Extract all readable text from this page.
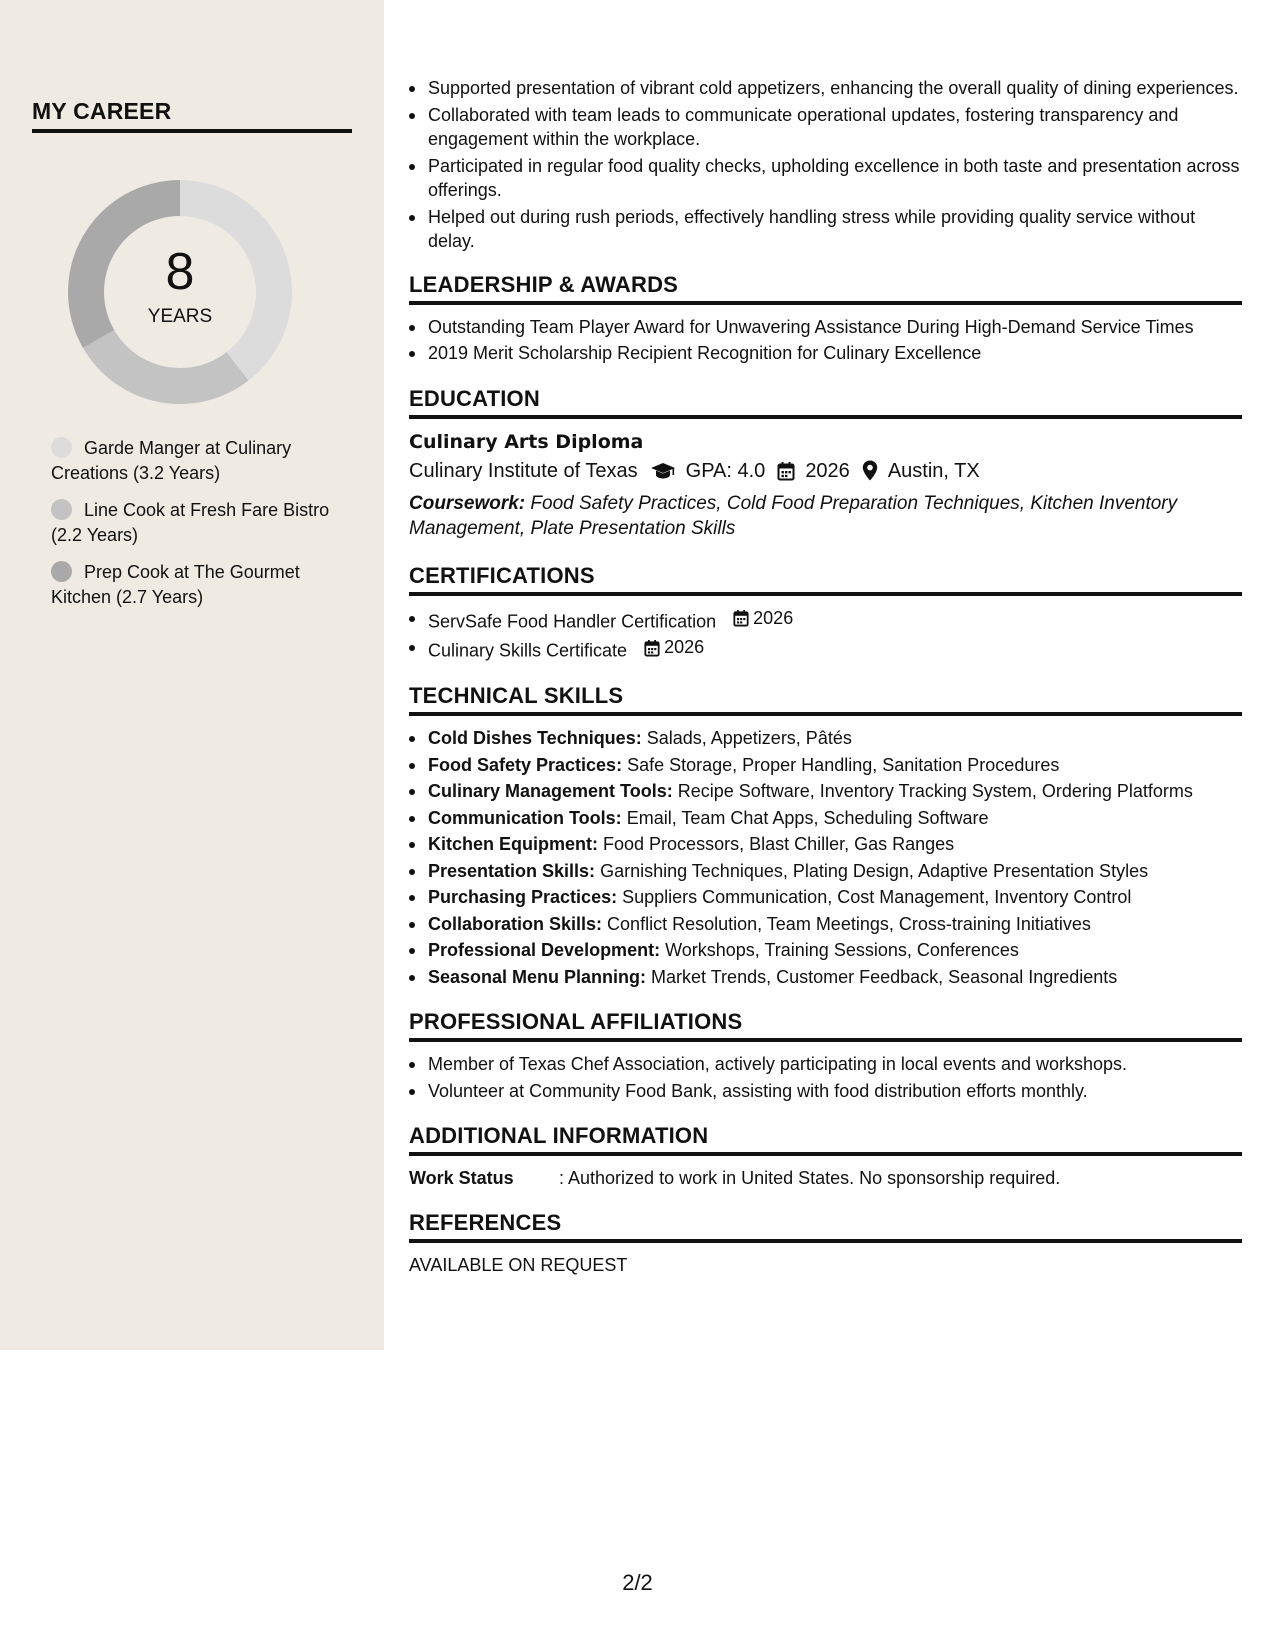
MY CAREER
8
YEARS
Garde Manger at Culinary Creations (3.2 Years)
Line Cook at Fresh Fare Bistro (2.2 Years)
Prep Cook at The Gourmet Kitchen (2.7 Years)
Supported presentation of vibrant cold appetizers, enhancing the overall quality of dining experiences.
Collaborated with team leads to communicate operational updates, fostering transparency and engagement within the workplace.
Participated in regular food quality checks, upholding excellence in both taste and presentation across offerings.
Helped out during rush periods, effectively handling stress while providing quality service without delay.
LEADERSHIP & AWARDS
Outstanding Team Player Award for Unwavering Assistance During High-Demand Service Times
2019 Merit Scholarship Recipient Recognition for Culinary Excellence
EDUCATION
Culinary Arts Diploma
Culinary Institute of Texas GPA: 4.0 2026 Austin, TX
Coursework: Food Safety Practices, Cold Food Preparation Techniques, Kitchen Inventory Management, Plate Presentation Skills
CERTIFICATIONS
ServSafe Food Handler Certification 2026
Culinary Skills Certificate 2026
TECHNICAL SKILLS
Cold Dishes Techniques: Salads, Appetizers, Pâtés
Food Safety Practices: Safe Storage, Proper Handling, Sanitation Procedures
Culinary Management Tools: Recipe Software, Inventory Tracking System, Ordering Platforms
Communication Tools: Email, Team Chat Apps, Scheduling Software
Kitchen Equipment: Food Processors, Blast Chiller, Gas Ranges
Presentation Skills: Garnishing Techniques, Plating Design, Adaptive Presentation Styles
Purchasing Practices: Suppliers Communication, Cost Management, Inventory Control
Collaboration Skills: Conflict Resolution, Team Meetings, Cross-training Initiatives
Professional Development: Workshops, Training Sessions, Conferences
Seasonal Menu Planning: Market Trends, Customer Feedback, Seasonal Ingredients
PROFESSIONAL AFFILIATIONS
Member of Texas Chef Association, actively participating in local events and workshops.
Volunteer at Community Food Bank, assisting with food distribution efforts monthly.
ADDITIONAL INFORMATION
Work Status	: Authorized to work in United States. No sponsorship required.
REFERENCES
AVAILABLE ON REQUEST
2/2
